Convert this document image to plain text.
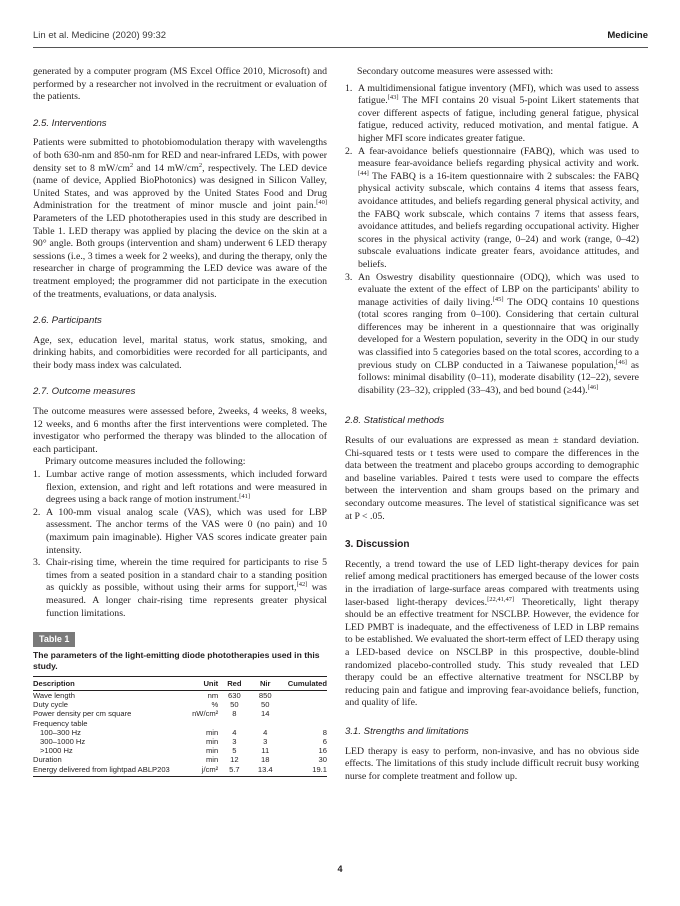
Lin et al. Medicine (2020) 99:32	Medicine

generated by a computer program (MS Excel Office 2010, Microsoft) and performed by a researcher not involved in the recruitment or evaluation of the patients.

2.5. Interventions

Patients were submitted to photobiomodulation therapy with wavelengths of both 630-nm and 850-nm for RED and near-infrared LEDs, with power density set to 8 $mW/cm^2$ and 14 $mW/cm^2$, respectively. The LED device (name of device, Applied BioPhotonics) was designed in Silicon Valley, United States, and was approved by the United States Food and Drug Administration for the treatment of minor muscle and joint pain.[40] Parameters of the LED phototherapies used in this study are described in Table 1. LED therapy was applied by placing the device on the skin at a 90° angle. Both groups (intervention and sham) underwent 6 LED therapy sessions (i.e., 3 times a week for 2 weeks), and during the therapy, only the researcher in charge of programming the LED device was aware of the treatment employed; the programmer did not participate in the execution of the treatments, evaluations, or data analysis.

2.6. Participants

Age, sex, education level, marital status, work status, smoking, and drinking habits, and comorbidities were recorded for all participants, and their body mass index was calculated.

2.7. Outcome measures

The outcome measures were assessed before, 2weeks, 4 weeks, 8 weeks, 12 weeks, and 6 months after the first interventions were completed. The investigator who performed the therapy was blinded to the allocation of each participant.

Primary outcome measures included the following:

1. Lumbar active range of motion assessments, which included forward flexion, extension, and right and left rotations and were measured in degrees using a back range of motion instrument.[41]
2. A 100-mm visual analog scale (VAS), which was used for LBP assessment. The anchor terms of the VAS were 0 (no pain) and 10 (maximum pain imaginable). Higher VAS scores indicate greater pain intensity.
3. Chair-rising time, wherein the time required for participants to rise 5 times from a seated position in a standard chair to a standing position as quickly as possible, without using their arms for support,[42] was measured. A longer chair-rising time represents greater physical function limitations.
Table 1
The parameters of the light-emitting diode phototherapies used in this study.
Description	Unit	Red	Nir	Cumulated
Wave length	nm	630	850	
Duty cycle	%	50	50	
Power density per cm square	nW/cm²	8	14	
Frequency table				
100–300 Hz	min	4	4	8
300–1000 Hz	min	3	3	6
>1000 Hz	min	5	11	16
Duration	min	12	18	30
Energy delivered from lightpad ABLP203	j/cm²	5.7	13.4	19.1

Secondary outcome measures were assessed with:

1. A multidimensional fatigue inventory (MFI), which was used to assess fatigue.[43] The MFI contains 20 visual 5-point Likert statements that cover different aspects of fatigue, including general fatigue, physical fatigue, reduced activity, reduced motivation, and mental fatigue. A higher MFI score indicates greater fatigue.
2. A fear-avoidance beliefs questionnaire (FABQ), which was used to measure fear-avoidance beliefs regarding physical activity and work.[44] The FABQ is a 16-item questionnaire with 2 subscales: the FABQ physical activity subscale, which contains 4 items that assess fears, avoidance attitudes, and beliefs regarding general physical activity, and the FABQ work subscale, which contains 7 items that assess fears, avoidance attitudes, and beliefs regarding occupational activity. Higher scores in the physical activity (range, 0–24) and work (range, 0–42) subscale evaluations indicate greater fears, avoidance attitudes, and beliefs.
3. An Oswestry disability questionnaire (ODQ), which was used to evaluate the extent of the effect of LBP on the participants' ability to manage activities of daily living.[45] The ODQ contains 10 questions (total scores ranging from 0–100). Considering that certain cultural differences may be inherent in a questionnaire that was originally developed for a Western population, severity in the ODQ in our study was classified into 5 categories based on the total scores, according to a previous study on CLBP conducted in a Taiwanese population,[46] as follows: minimal disability (0–11), moderate disability (12–22), severe disability (23–32), crippled (33–43), and bed bound (≥44).[46]
2.8. Statistical methods

Results of our evaluations are expressed as mean ± standard deviation. Chi-squared tests or t tests were used to compare the differences in the data between the treatment and placebo groups according to demographic and baseline variables. Paired t tests were used to compare the effects between the intervention and sham groups based on the primary and secondary outcome measures. The level of statistical significance was set at P < .05.

3. Discussion

Recently, a trend toward the use of LED light-therapy devices for pain relief among medical practitioners has emerged because of the lower costs in the irradiation of large-surface areas compared with treatments using laser-based light-therapy devices.[22,41,47] Theoretically, light therapy should be an effective treatment for NSCLBP. However, the evidence for LED PMBT is inadequate, and the effectiveness of LED in LBP remains to be established. We evaluated the short-term effect of LED therapy using a LED-based device on NSCLBP in this prospective, double-blind randomized placebo-controlled study. This study revealed that LED therapy could be an effective alternative treatment for NSCLBP by reducing pain and fatigue and improving fear-avoidance beliefs, function, and quality of life.

3.1. Strengths and limitations

LED therapy is easy to perform, non-invasive, and has no obvious side effects. The limitations of this study include difficult recruit busy working nurse for complete treatment and follow up.

4
